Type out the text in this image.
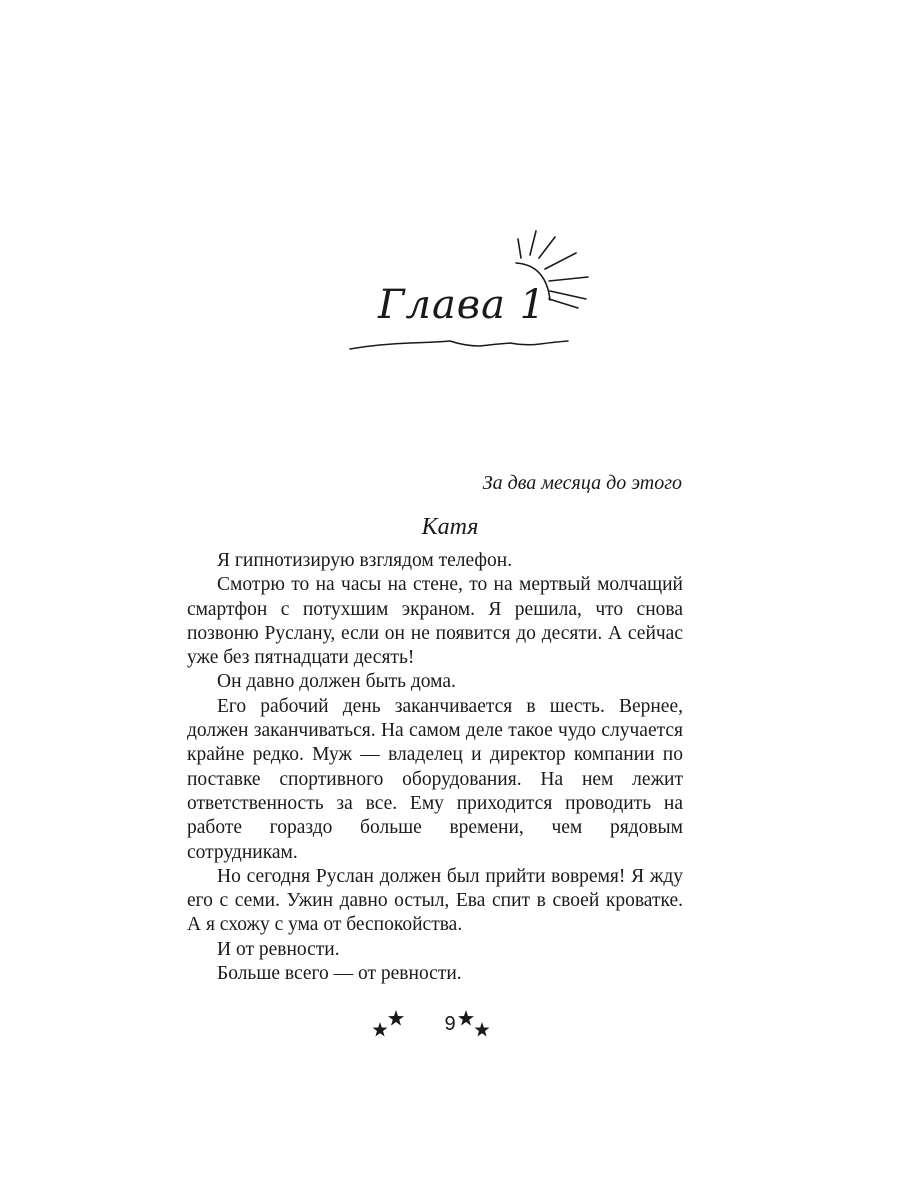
Глава 1
За два месяца до этого
Катя

Я гипнотизирую взглядом телефон.

Смотрю то на часы на стене, то на мертвый молчащий смартфон с потухшим экраном. Я решила, что снова позвоню Руслану, если он не появится до десяти. А сейчас уже без пятнадцати десять!

Он давно должен быть дома.

Его рабочий день заканчивается в шесть. Вернее, должен заканчиваться. На самом деле такое чудо случается крайне редко. Муж — владелец и директор компании по поставке спортивного оборудования. На нем лежит ответственность за все. Ему приходится проводить на работе гораздо больше времени, чем рядовым сотрудникам.

Но сегодня Руслан должен был прийти вовремя! Я жду его с семи. Ужин давно остыл, Ева спит в своей кроватке. А я схожу с ума от беспокойства.

И от ревности.

Больше всего — от ревности.

9
